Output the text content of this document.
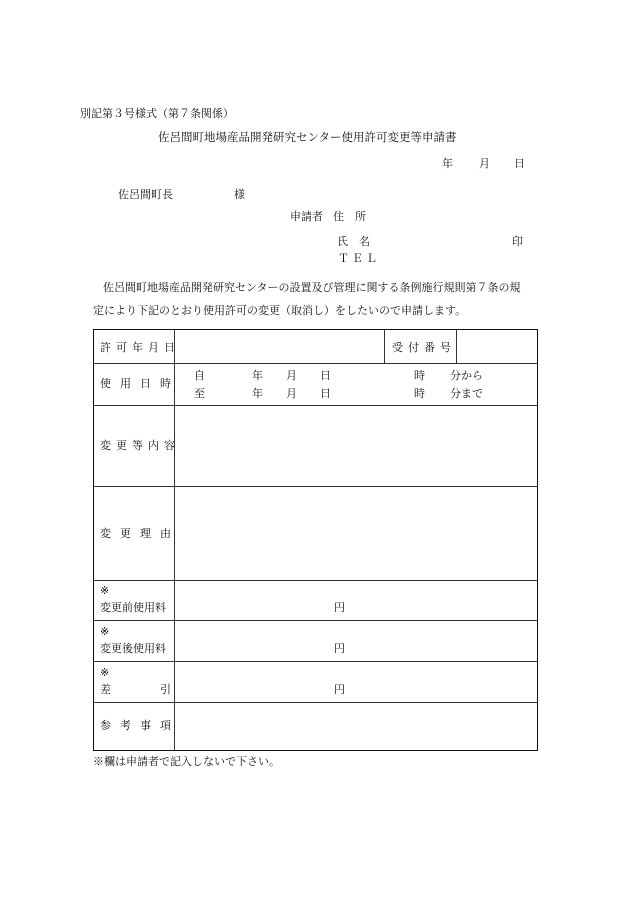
別記第３号様式（第７条関係）
佐呂間町地場産品開発研究センター使用許可変更等申請書
年 月 日
佐呂間町長	様
申請者 住　所
氏　名	印
ＴＥＬ
佐呂間町地場産品開発研究センターの設置及び管理に関する条例施行規則第７条の規
定により下記のとおり使用許可の変更（取消し）をしたいので申請します。
許可年月日	受付番号
使用日時
自	年 月 日	時 分から
至	年 月 日	時 分まで
変更等内容
変更理由
※
変更前使用料	円
※
変更後使用料	円
※
差	引	円
参考事項
※欄は申請者で記入しないで下さい。
